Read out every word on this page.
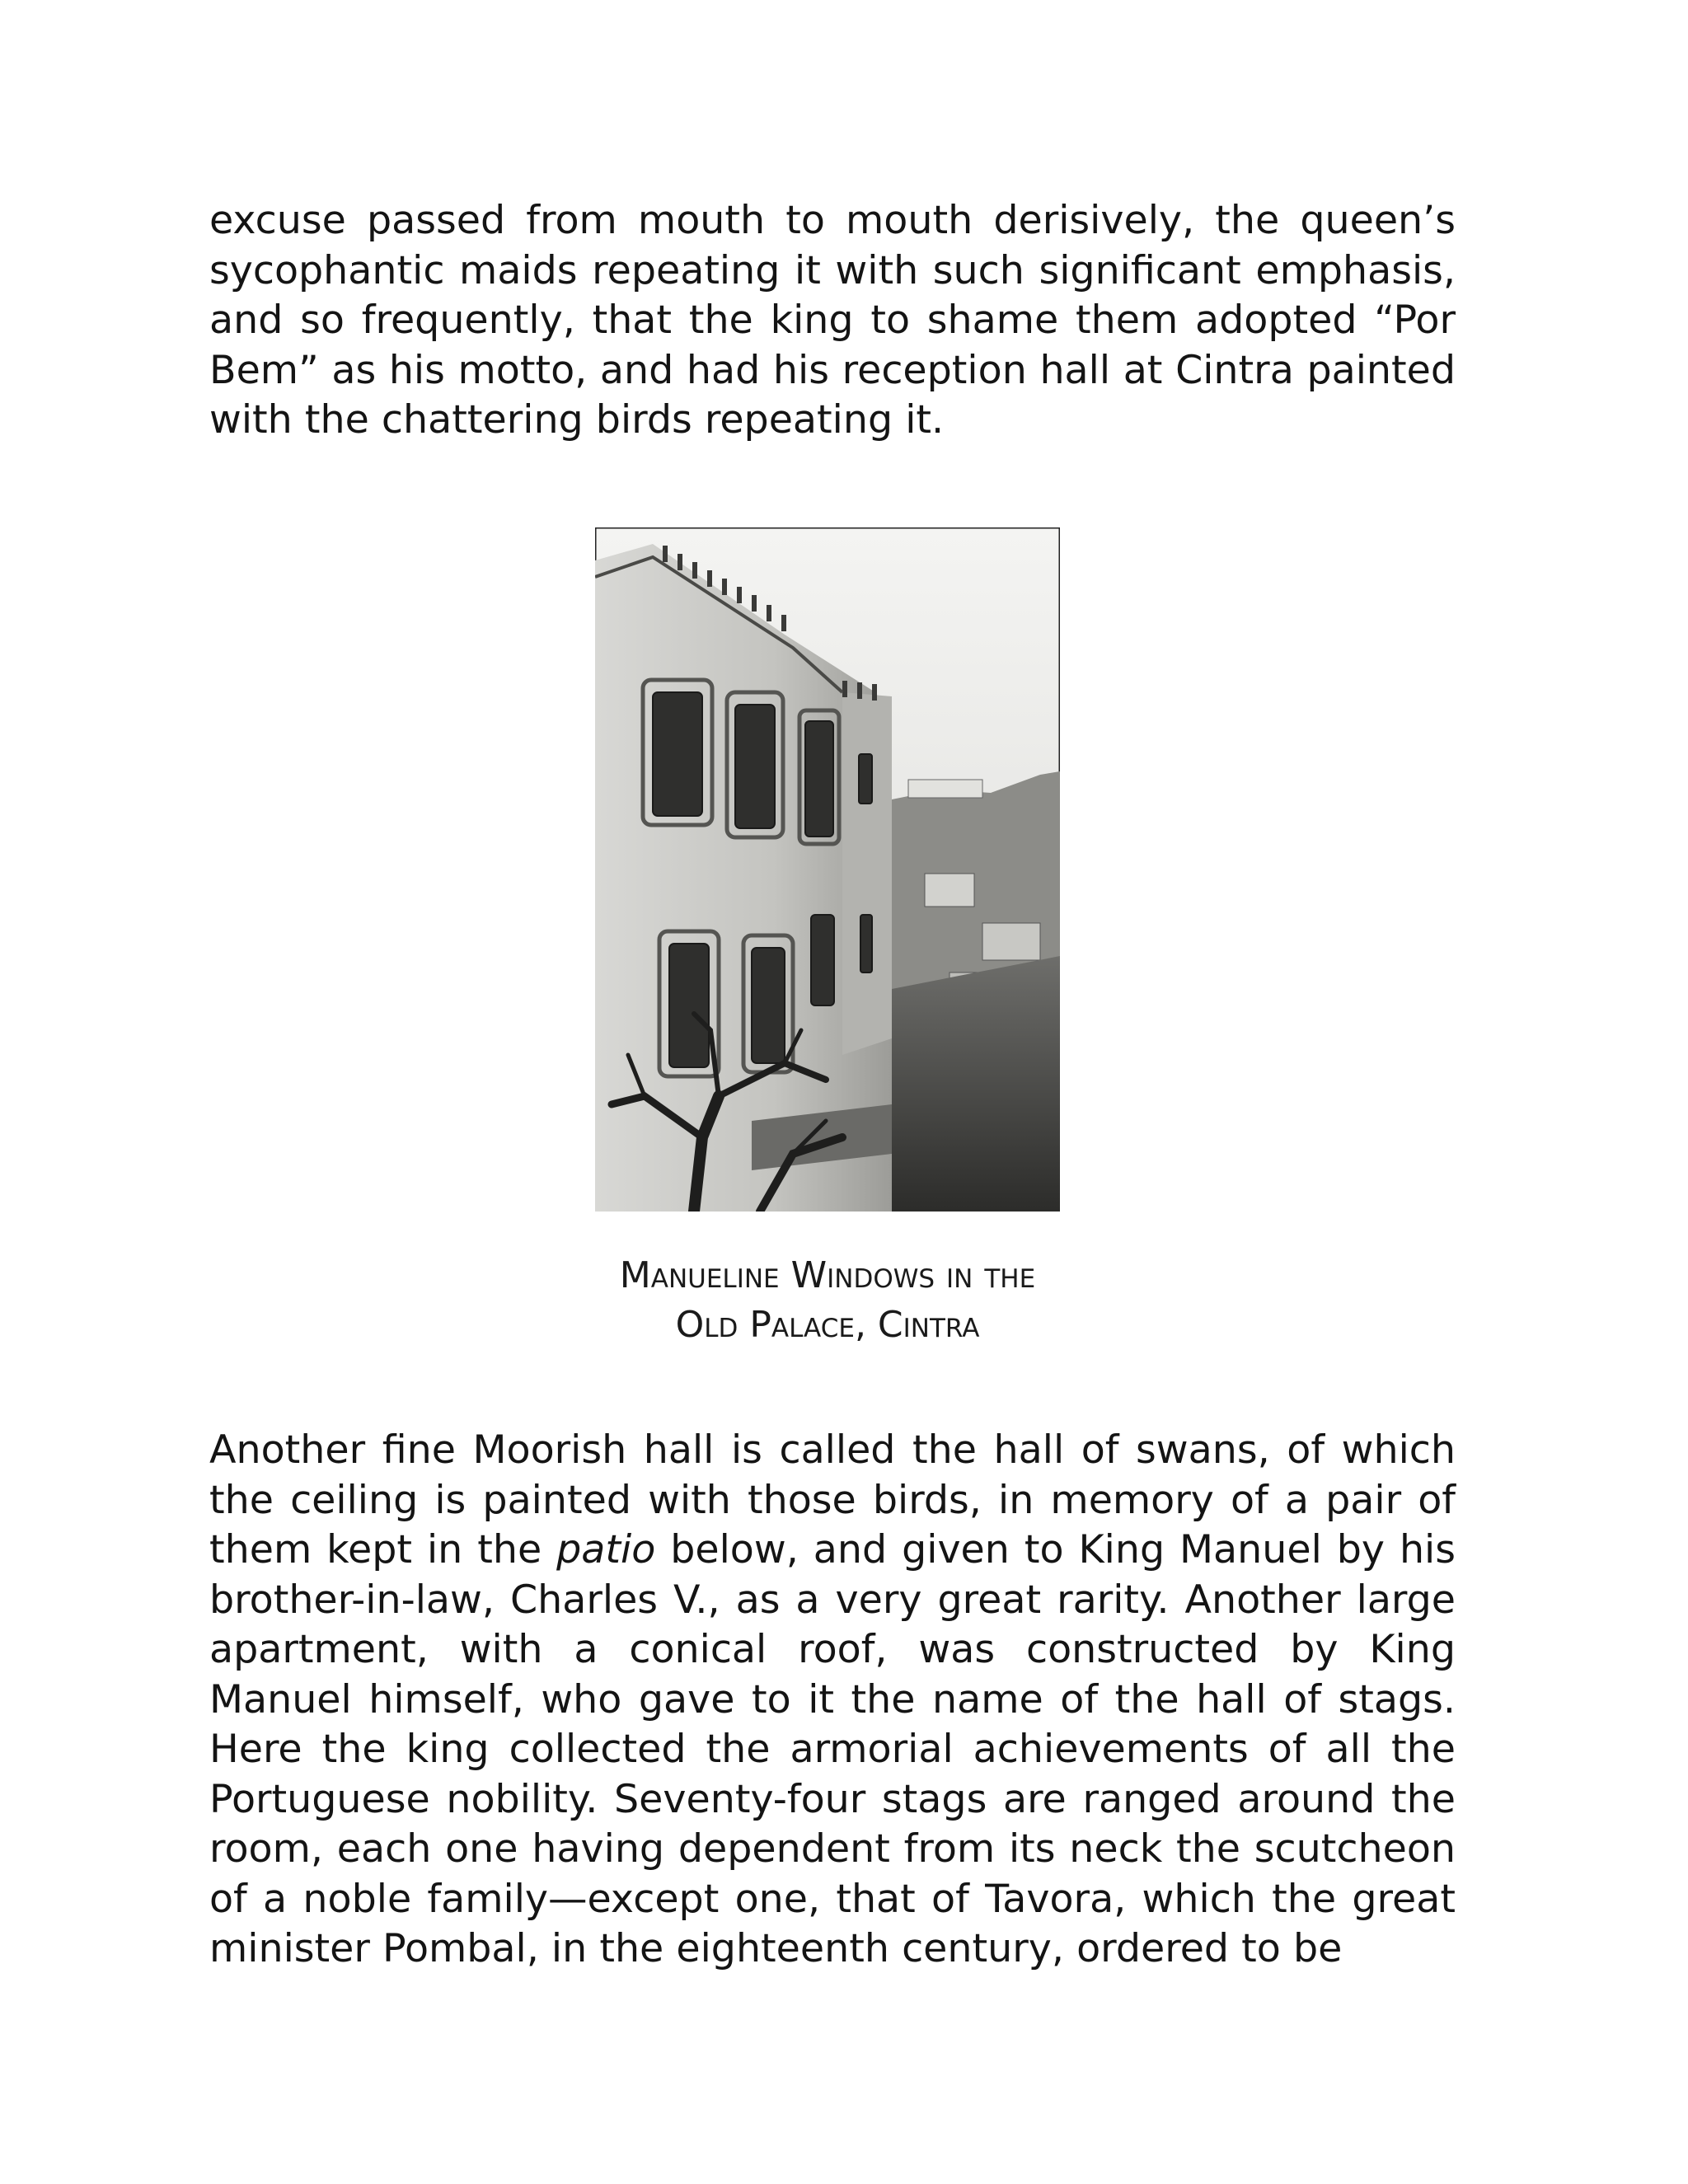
excuse passed from mouth to mouth derisively, the queen’s sycophantic maids repeating it with such significant emphasis, and so frequently, that the king to shame them adopted “Por Bem” as his motto, and had his reception hall at Cintra painted with the chattering birds repeating it.

Manueline Windows in the
Old Palace, Cintra

Another fine Moorish hall is called the hall of swans, of which the ceiling is painted with those birds, in memory of a pair of them kept in the patio below, and given to King Manuel by his brother-in-law, Charles V., as a very great rarity. Another large apartment, with a conical roof, was constructed by King Manuel himself, who gave to it the name of the hall of stags. Here the king collected the armorial achievements of all the Portuguese nobility. Seventy-four stags are ranged around the room, each one having dependent from its neck the scutcheon of a noble family—except one, that of Tavora, which the great minister Pombal, in the eighteenth century, ordered to be
